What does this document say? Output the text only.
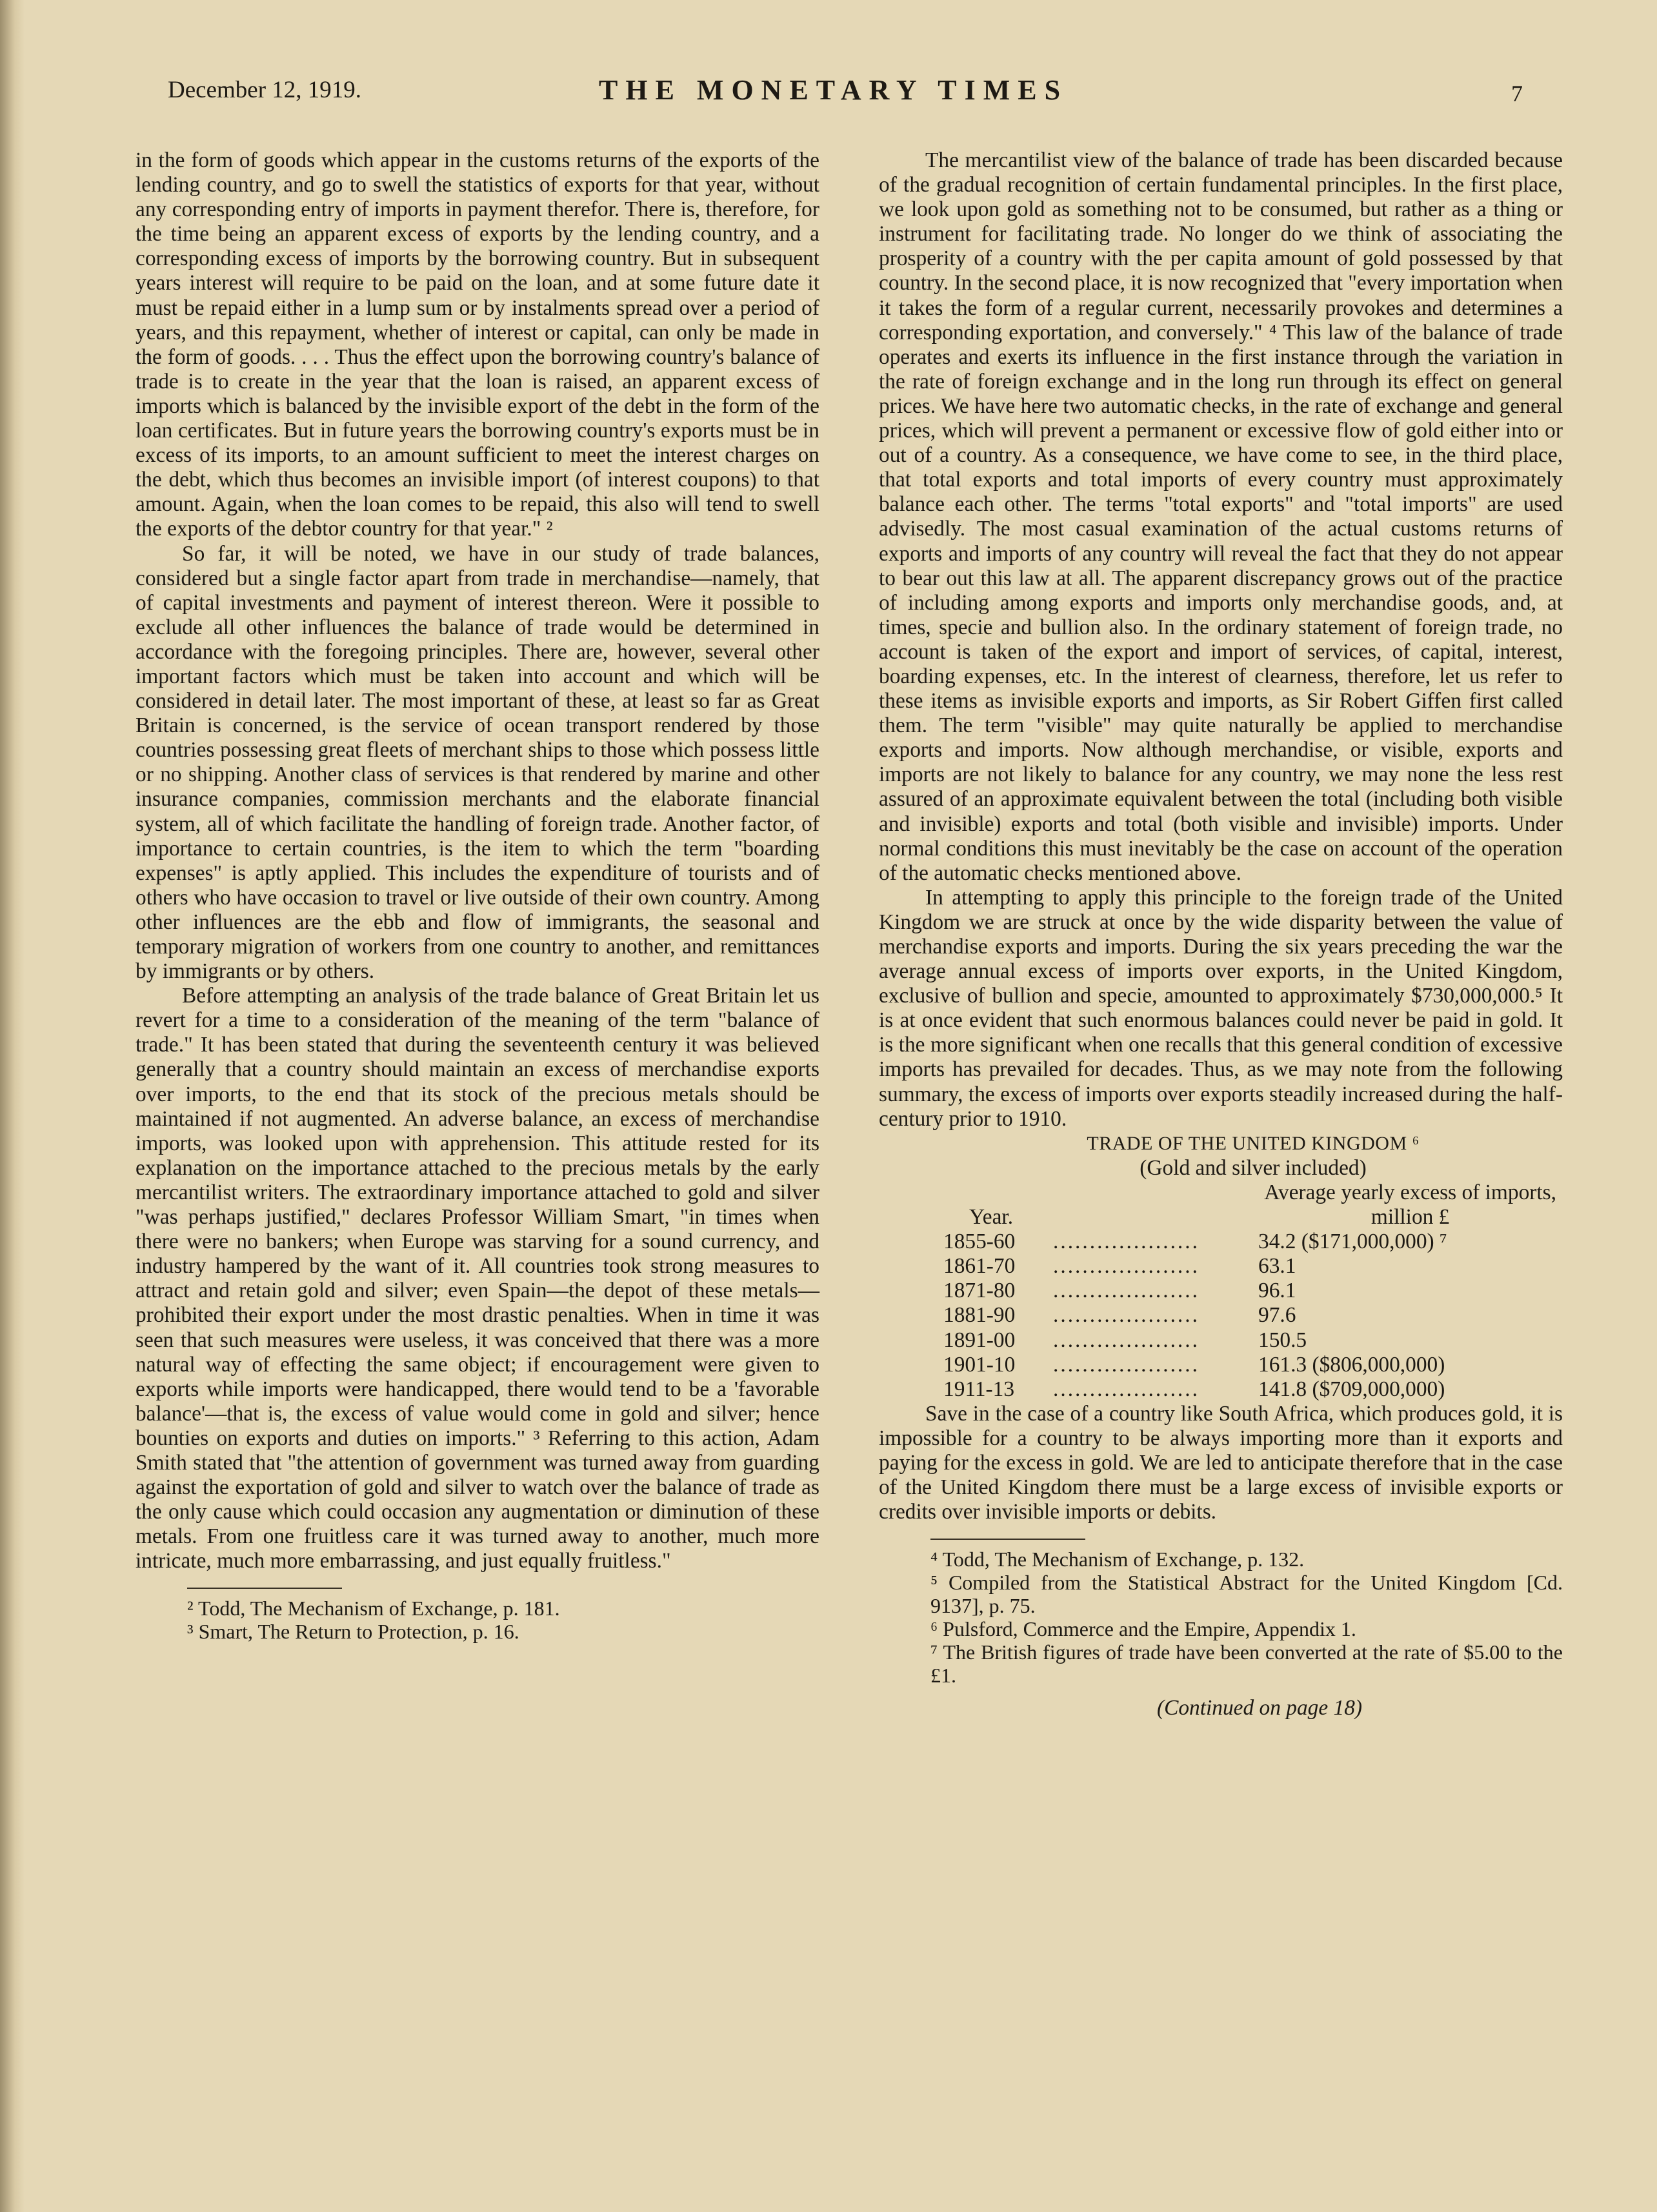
December 12, 1919.	THE MONETARY TIMES	7

in the form of goods which appear in the customs returns of the exports of the lending country, and go to swell the statistics of exports for that year, without any corresponding entry of imports in payment therefor. There is, therefore, for the time being an apparent excess of exports by the lending country, and a corresponding excess of imports by the borrowing country. But in subsequent years interest will require to be paid on the loan, and at some future date it must be repaid either in a lump sum or by instalments spread over a period of years, and this repayment, whether of interest or capital, can only be made in the form of goods. . . . Thus the effect upon the borrowing country's balance of trade is to create in the year that the loan is raised, an apparent excess of imports which is balanced by the invisible export of the debt in the form of the loan certificates. But in future years the borrowing country's exports must be in excess of its imports, to an amount sufficient to meet the interest charges on the debt, which thus becomes an invisible import (of interest coupons) to that amount. Again, when the loan comes to be repaid, this also will tend to swell the exports of the debtor country for that year." ²

So far, it will be noted, we have in our study of trade balances, considered but a single factor apart from trade in merchandise—namely, that of capital investments and payment of interest thereon. Were it possible to exclude all other influences the balance of trade would be determined in accordance with the foregoing principles. There are, however, several other important factors which must be taken into account and which will be considered in detail later. The most important of these, at least so far as Great Britain is concerned, is the service of ocean transport rendered by those countries possessing great fleets of merchant ships to those which possess little or no shipping. Another class of services is that rendered by marine and other insurance companies, commission merchants and the elaborate financial system, all of which facilitate the handling of foreign trade. Another factor, of importance to certain countries, is the item to which the term "boarding expenses" is aptly applied. This includes the expenditure of tourists and of others who have occasion to travel or live outside of their own country. Among other influences are the ebb and flow of immigrants, the seasonal and temporary migration of workers from one country to another, and remittances by immigrants or by others.

Before attempting an analysis of the trade balance of Great Britain let us revert for a time to a consideration of the meaning of the term "balance of trade." It has been stated that during the seventeenth century it was believed generally that a country should maintain an excess of merchandise exports over imports, to the end that its stock of the precious metals should be maintained if not augmented. An adverse balance, an excess of merchandise imports, was looked upon with apprehension. This attitude rested for its explanation on the importance attached to the precious metals by the early mercantilist writers. The extraordinary importance attached to gold and silver "was perhaps justified," declares Professor William Smart, "in times when there were no bankers; when Europe was starving for a sound currency, and industry hampered by the want of it. All countries took strong measures to attract and retain gold and silver; even Spain—the depot of these metals—prohibited their export under the most drastic penalties. When in time it was seen that such measures were useless, it was conceived that there was a more natural way of effecting the same object; if encouragement were given to exports while imports were handicapped, there would tend to be a 'favorable balance'—that is, the excess of value would come in gold and silver; hence bounties on exports and duties on imports." ³ Referring to this action, Adam Smith stated that "the attention of government was turned away from guarding against the exportation of gold and silver to watch over the balance of trade as the only cause which could occasion any augmentation or diminution of these metals. From one fruitless care it was turned away to another, much more intricate, much more embarrassing, and just equally fruitless."

² Todd, The Mechanism of Exchange, p. 181.

³ Smart, The Return to Protection, p. 16.

The mercantilist view of the balance of trade has been discarded because of the gradual recognition of certain fundamental principles. In the first place, we look upon gold as something not to be consumed, but rather as a thing or instrument for facilitating trade. No longer do we think of associating the prosperity of a country with the per capita amount of gold possessed by that country. In the second place, it is now recognized that "every importation when it takes the form of a regular current, necessarily provokes and determines a corresponding exportation, and conversely." ⁴ This law of the balance of trade operates and exerts its influence in the first instance through the variation in the rate of foreign exchange and in the long run through its effect on general prices. We have here two automatic checks, in the rate of exchange and general prices, which will prevent a permanent or excessive flow of gold either into or out of a country. As a consequence, we have come to see, in the third place, that total exports and total imports of every country must approximately balance each other. The terms "total exports" and "total imports" are used advisedly. The most casual examination of the actual customs returns of exports and imports of any country will reveal the fact that they do not appear to bear out this law at all. The apparent discrepancy grows out of the practice of including among exports and imports only merchandise goods, and, at times, specie and bullion also. In the ordinary statement of foreign trade, no account is taken of the export and import of services, of capital, interest, boarding expenses, etc. In the interest of clearness, therefore, let us refer to these items as invisible exports and imports, as Sir Robert Giffen first called them. The term "visible" may quite naturally be applied to merchandise exports and imports. Now although merchandise, or visible, exports and imports are not likely to balance for any country, we may none the less rest assured of an approximate equivalent between the total (including both visible and invisible) exports and total (both visible and invisible) imports. Under normal conditions this must inevitably be the case on account of the operation of the automatic checks mentioned above.

In attempting to apply this principle to the foreign trade of the United Kingdom we are struck at once by the wide disparity between the value of merchandise exports and imports. During the six years preceding the war the average annual excess of imports over exports, in the United Kingdom, exclusive of bullion and specie, amounted to approximately $730,000,000.⁵ It is at once evident that such enormous balances could never be paid in gold. It is the more significant when one recalls that this general condition of excessive imports has prevailed for decades. Thus, as we may note from the following summary, the excess of imports over exports steadily increased during the half-century prior to 1910.

TRADE OF THE UNITED KINGDOM ⁶
(Gold and silver included)
Year.
Average yearly excess of imports,
million £
1855-60	....................	34.2 ($171,000,000) ⁷
1861-70	....................	63.1
1871-80	....................	96.1
1881-90	....................	97.6
1891-00	....................	150.5
1901-10	....................	161.3 ($806,000,000)
1911-13	....................	141.8 ($709,000,000)

Save in the case of a country like South Africa, which produces gold, it is impossible for a country to be always importing more than it exports and paying for the excess in gold. We are led to anticipate therefore that in the case of the United Kingdom there must be a large excess of invisible exports or credits over invisible imports or debits.

⁴ Todd, The Mechanism of Exchange, p. 132.

⁵ Compiled from the Statistical Abstract for the United Kingdom [Cd. 9137], p. 75.

⁶ Pulsford, Commerce and the Empire, Appendix 1.

⁷ The British figures of trade have been converted at the rate of $5.00 to the £1.

(Continued on page 18)
